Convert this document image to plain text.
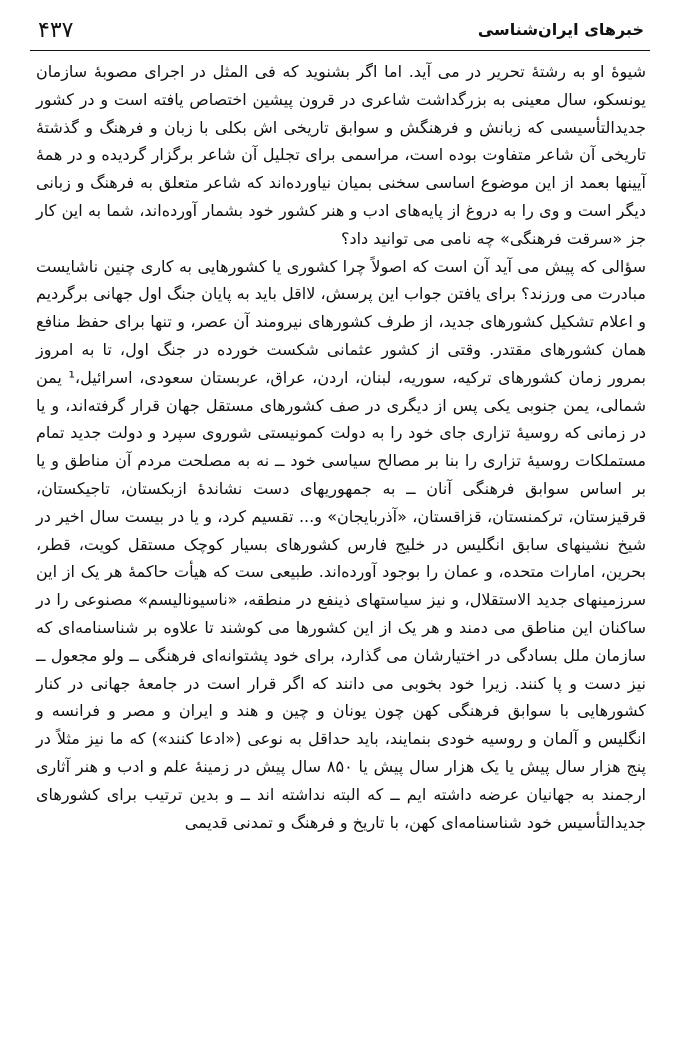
۴۳۷	خبرهای ایران‌شناسی

شیوهٔ او به رشتهٔ تحریر در می آید. اما اگر بشنوید که فی المثل در اجرای مصوبهٔ سازمان یونسکو، سال معینی به بزرگداشت شاعری در قرون پیشین اختصاص یافته است و در کشور جدیدالتأسیسی که زبانش و فرهنگش و سوابق تاریخی اش بکلی با زبان و فرهنگ و گذشتهٔ تاریخی آن شاعر متفاوت بوده است، مراسمی برای تجلیل آن شاعر برگزار گردیده و در همهٔ آیینها بعمد از این موضوع اساسی سخنی بمیان نیاورده‌اند که شاعر متعلق به فرهنگ و زبانی دیگر است و وی را به دروغ از پایه‌های ادب و هنر کشور خود بشمار آورده‌اند، شما به این کار جز «سرقت فرهنگی» چه نامی می توانید داد؟

سؤالی که پیش می آید آن است که اصولاً چرا کشوری یا کشورهایی به کاری چنین ناشایست مبادرت می ورزند؟ برای یافتن جواب این پرسش، لااقل باید به پایان جنگ اول جهانی برگردیم و اعلام تشکیل کشورهای جدید، از طرف کشورهای نیرومند آن عصر، و تنها برای حفظ منافع همان کشورهای مقتدر. وقتی از کشور عثمانی شکست خورده در جنگ اول، تا به امروز بمرور زمان کشورهای ترکیه، سوریه، لبنان، اردن، عراق، عربستان سعودی، اسرائیل،¹ یمن شمالی، یمن جنوبی یکی پس از دیگری در صف کشورهای مستقل جهان قرار گرفته‌اند، و یا در زمانی که روسیهٔ تزاری جای خود را به دولت کمونیستی شوروی سپرد و دولت جدید تمام مستملکات روسیهٔ تزاری را بنا بر مصالح سیاسی خود ــ نه به مصلحت مردم آن مناطق و یا بر اساس سوابق فرهنگی آنان ــ به جمهوریهای دست نشاندهٔ ازبکستان، تاجیکستان، قرقیزستان، ترکمنستان، قزاقستان، «آذربایجان» و... تقسیم کرد، و یا در بیست سال اخیر در شیخ نشینهای سابق انگلیس در خلیج فارس کشورهای بسیار کوچک مستقل کویت، قطر، بحرین، امارات متحده، و عمان را بوجود آورده‌اند. طبیعی ست که هیأت حاکمهٔ هر یک از این سرزمینهای جدید الاستقلال، و نیز سیاستهای ذینفع در منطقه، «ناسیونالیسم» مصنوعی را در ساکنان این مناطق می دمند و هر یک از این کشورها می کوشند تا علاوه بر شناسنامه‌ای که سازمان ملل بسادگی در اختیارشان می گذارد، برای خود پشتوانه‌ای فرهنگی ــ ولو مجعول ــ نیز دست و پا کنند. زیرا خود بخوبی می دانند که اگر قرار است در جامعهٔ جهانی در کنار کشورهایی با سوابق فرهنگی کهن چون یونان و چین و هند و ایران و مصر و فرانسه و انگلیس و آلمان و روسیه خودی بنمایند، باید حداقل به نوعی («ادعا کنند») که ما نیز مثلاً در پنج هزار سال پیش یا یک هزار سال پیش یا ۸۵۰ سال پیش در زمینهٔ علم و ادب و هنر آثاری ارجمند به جهانیان عرضه داشته ایم ــ که البته نداشته اند ــ و بدین ترتیب برای کشورهای جدیدالتأسیس خود شناسنامه‌ای کهن، با تاریخ و فرهنگ و تمدنی قدیمی
